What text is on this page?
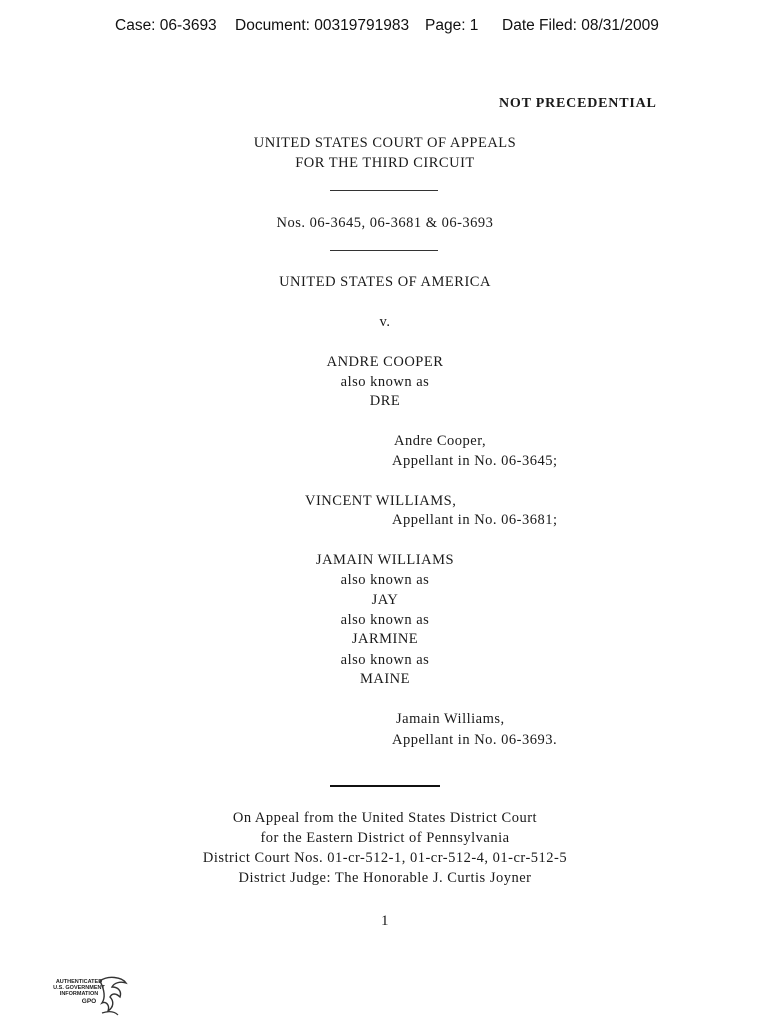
Case: 06-3693 Document: 00319791983 Page: 1 Date Filed: 08/31/2009
NOT PRECEDENTIAL
UNITED STATES COURT OF APPEALS
FOR THE THIRD CIRCUIT
Nos. 06-3645, 06-3681 & 06-3693
UNITED STATES OF AMERICA
v.
ANDRE COOPER
also known as
DRE
Andre Cooper,
Appellant in No. 06-3645;
VINCENT WILLIAMS,
Appellant in No. 06-3681;
JAMAIN WILLIAMS
also known as
JAY
also known as
JARMINE
also known as
MAINE
Jamain Williams,
Appellant in No. 06-3693.
On Appeal from the United States District Court
for the Eastern District of Pennsylvania
District Court Nos. 01-cr-512-1, 01-cr-512-4, 01-cr-512-5
District Judge: The Honorable J. Curtis Joyner
1
AUTHENTICATED
U.S. GOVERNMENT
INFORMATION
GPO
